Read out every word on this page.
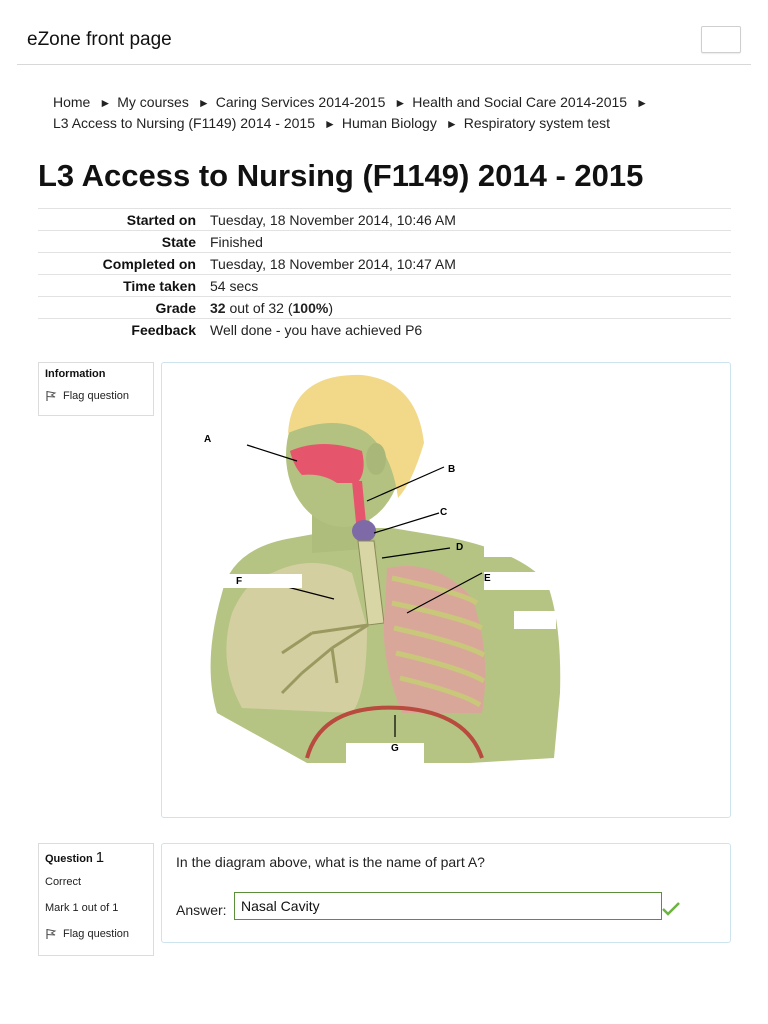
eZone front page
Home ► My courses ► Caring Services 2014-2015 ► Health and Social Care 2014-2015 ►
L3 Access to Nursing (F1149) 2014 - 2015 ► Human Biology ► Respiratory system test
L3 Access to Nursing (F1149) 2014 - 2015
Started on	Tuesday, 18 November 2014, 10:46 AM
State	Finished
Completed on	Tuesday, 18 November 2014, 10:47 AM
Time taken	54 secs
Grade	32 out of 32 (100%)
Feedback	Well done - you have achieved P6
Information
Flag question
A
B
C
D
E
F
G
Question 1
Correct
Mark 1 out of 1
Flag question
In the diagram above, what is the name of part A?
Answer:
Nasal Cavity
